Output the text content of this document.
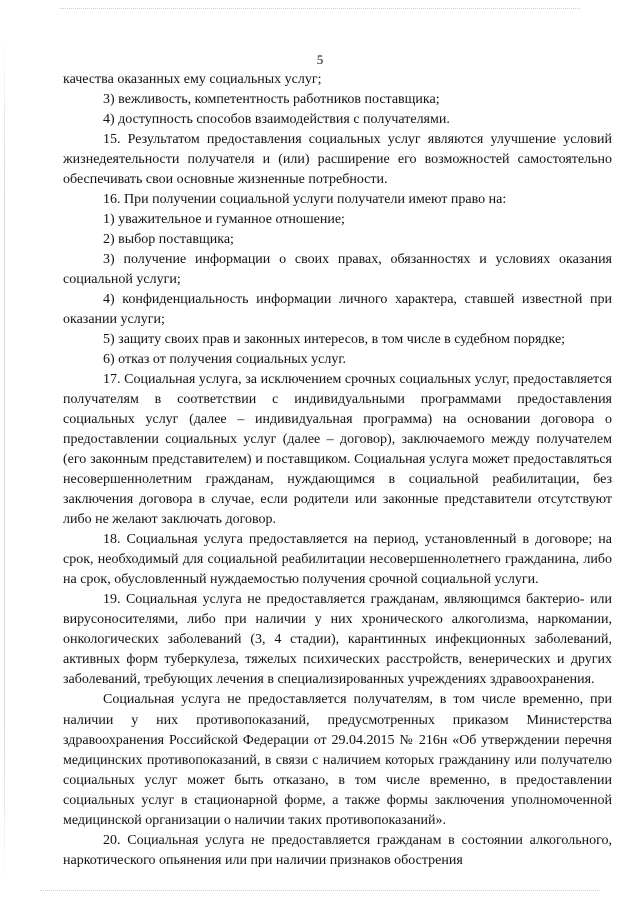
5

качества оказанных ему социальных услуг;

3) вежливость, компетентность работников поставщика;

4) доступность способов взаимодействия с получателями.

15. Результатом предоставления социальных услуг являются улучшение условий жизнедеятельности получателя и (или) расширение его возможностей самостоятельно обеспечивать свои основные жизненные потребности.

16. При получении социальной услуги получатели имеют право на:

1) уважительное и гуманное отношение;

2) выбор поставщика;

3) получение информации о своих правах, обязанностях и условиях оказания социальной услуги;

4) конфиденциальность информации личного характера, ставшей известной при оказании услуги;

5) защиту своих прав и законных интересов, в том числе в судебном порядке;

6) отказ от получения социальных услуг.

17. Социальная услуга, за исключением срочных социальных услуг, предоставляется получателям в соответствии с индивидуальными программами предоставления социальных услуг (далее – индивидуальная программа) на основании договора о предоставлении социальных услуг (далее – договор), заключаемого между получателем (его законным представителем) и поставщиком. Социальная услуга может предоставляться несовершеннолетним гражданам, нуждающимся в социальной реабилитации, без заключения договора в случае, если родители или законные представители отсутствуют либо не желают заключать договор.

18. Социальная услуга предоставляется на период, установленный в договоре; на срок, необходимый для социальной реабилитации несовершеннолетнего гражданина, либо на срок, обусловленный нуждаемостью получения срочной социальной услуги.

19. Социальная услуга не предоставляется гражданам, являющимся бактерио- или вирусоносителями, либо при наличии у них хронического алкоголизма, наркомании, онкологических заболеваний (3, 4 стадии), карантинных инфекционных заболеваний, активных форм туберкулеза, тяжелых психических расстройств, венерических и других заболеваний, требующих лечения в специализированных учреждениях здравоохранения.

Социальная услуга не предоставляется получателям, в том числе временно, при наличии у них противопоказаний, предусмотренных приказом Министерства здравоохранения Российской Федерации от 29.04.2015 № 216н «Об утверждении перечня медицинских противопоказаний, в связи с наличием которых гражданину или получателю социальных услуг может быть отказано, в том числе временно, в предоставлении социальных услуг в стационарной форме, а также формы заключения уполномоченной медицинской организации о наличии таких противопоказаний».

20. Социальная услуга не предоставляется гражданам в состоянии алкогольного, наркотического опьянения или при наличии признаков обострения
